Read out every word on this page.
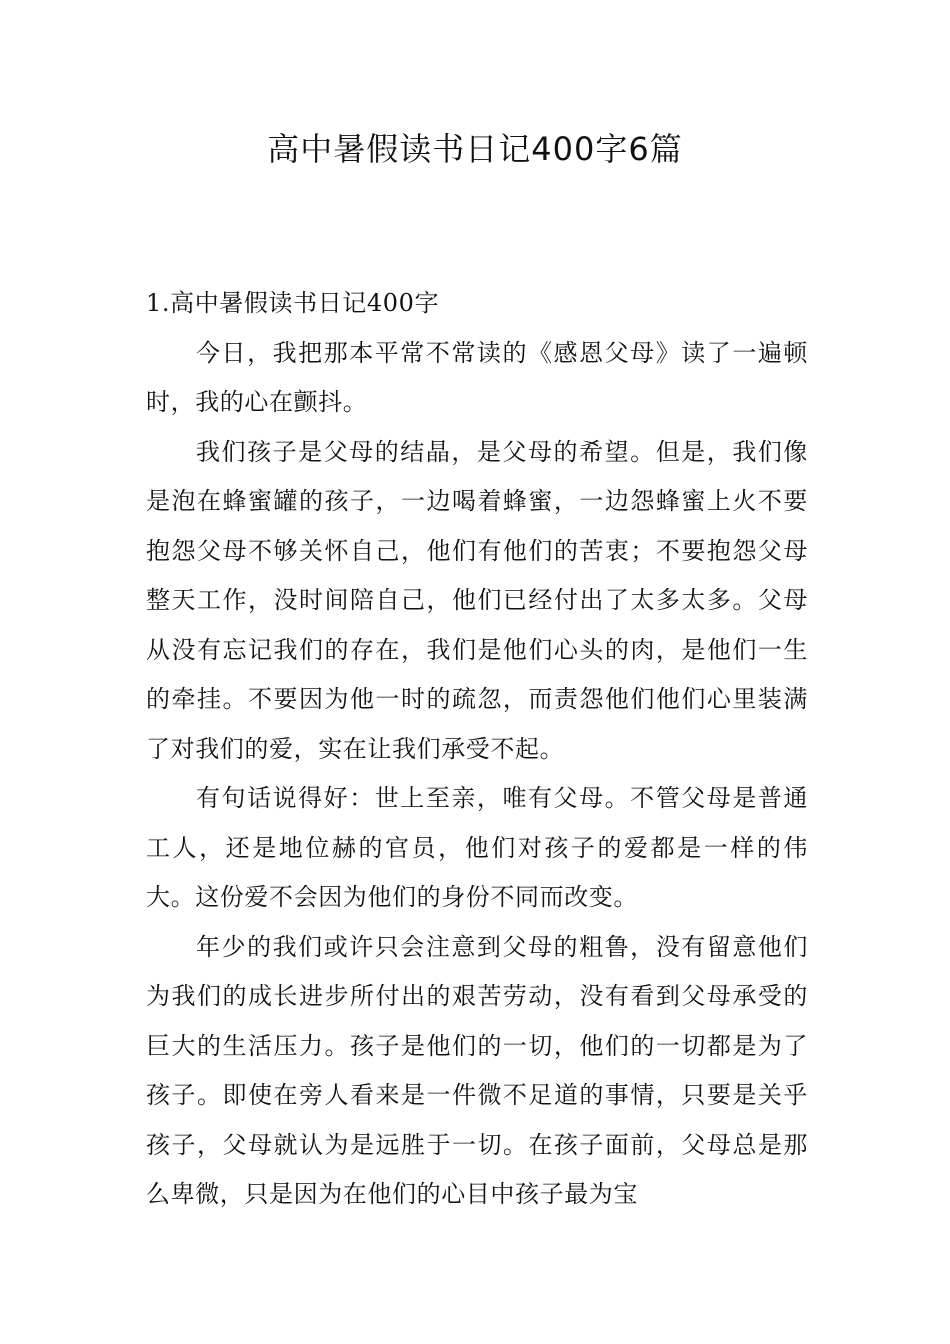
高中暑假读书日记400字6篇

1.高中暑假读书日记400字

今日，我把那本平常不常读的《感恩父母》读了一遍顿时，我的心在颤抖。

我们孩子是父母的结晶，是父母的希望。但是，我们像是泡在蜂蜜罐的孩子，一边喝着蜂蜜，一边怨蜂蜜上火不要抱怨父母不够关怀自己，他们有他们的苦衷；不要抱怨父母整天工作，没时间陪自己，他们已经付出了太多太多。父母从没有忘记我们的存在，我们是他们心头的肉，是他们一生的牵挂。不要因为他一时的疏忽，而责怨他们他们心里装满了对我们的爱，实在让我们承受不起。

有句话说得好：世上至亲，唯有父母。不管父母是普通工人，还是地位赫的官员，他们对孩子的爱都是一样的伟大。这份爱不会因为他们的身份不同而改变。

年少的我们或许只会注意到父母的粗鲁，没有留意他们为我们的成长进步所付出的艰苦劳动，没有看到父母承受的巨大的生活压力。孩子是他们的一切，他们的一切都是为了孩子。即使在旁人看来是一件微不足道的事情，只要是关乎孩子，父母就认为是远胜于一切。在孩子面前，父母总是那么卑微，只是因为在他们的心目中孩子最为宝
